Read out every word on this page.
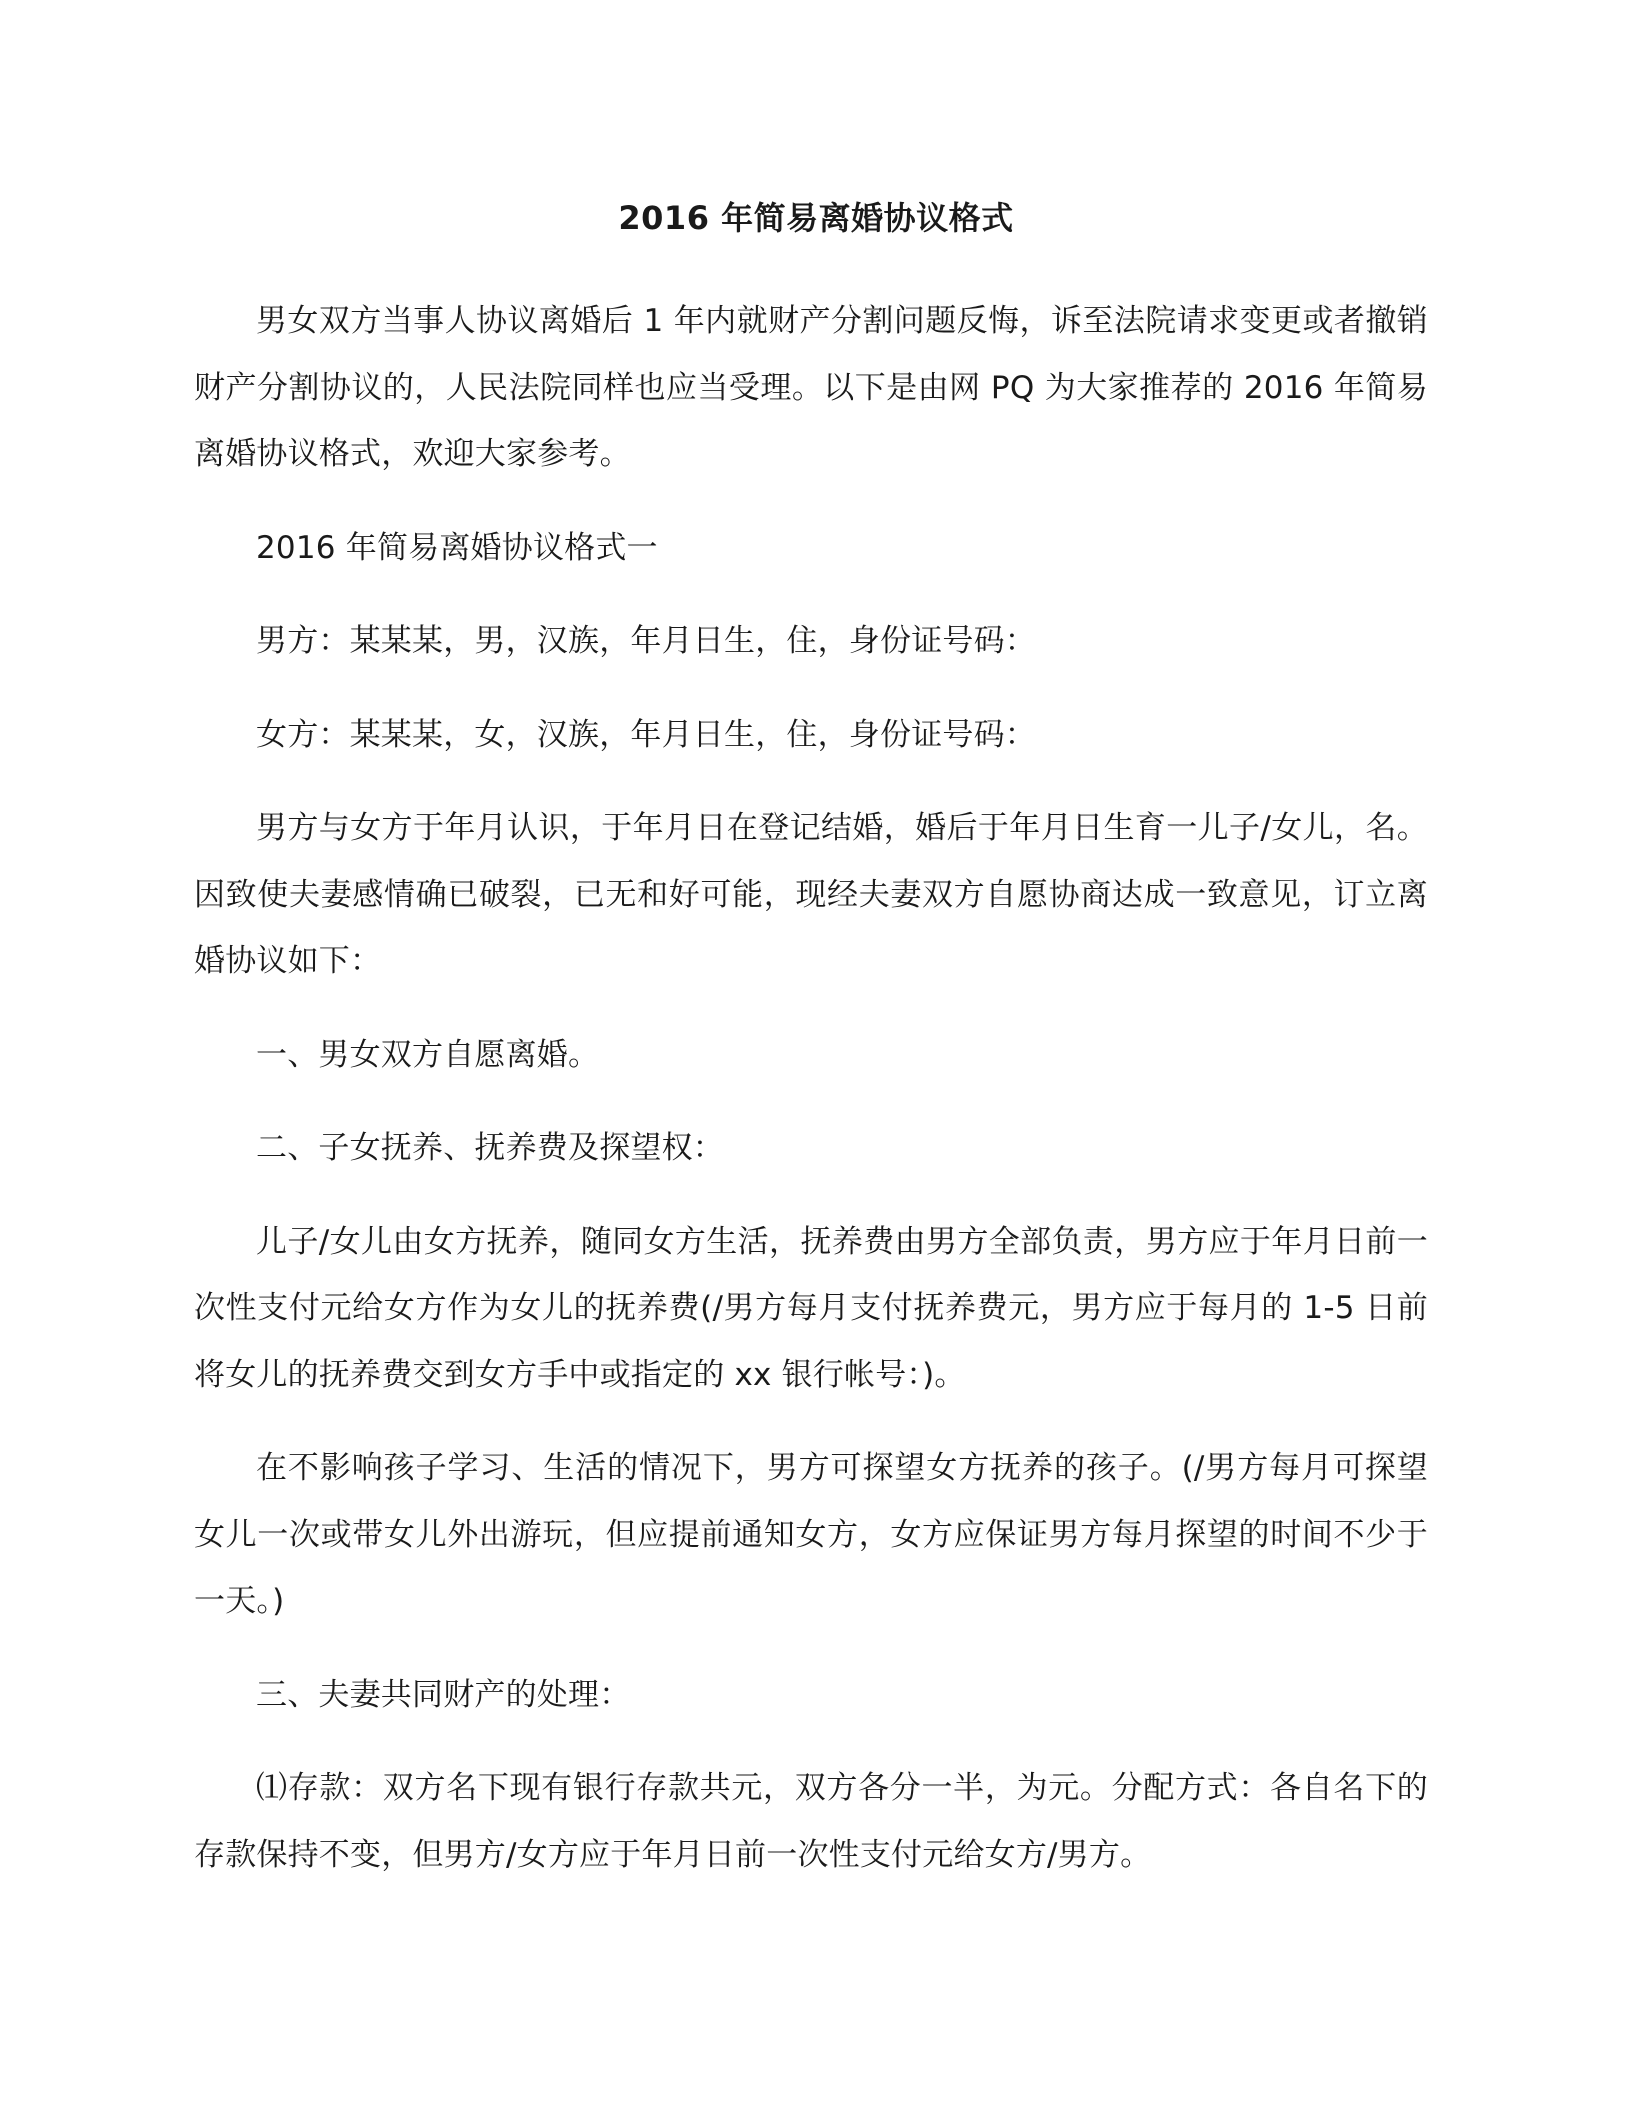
2016 年简易离婚协议格式

男女双方当事人协议离婚后 1 年内就财产分割问题反悔，诉至法院请求变更或者撤销财产分割协议的，人民法院同样也应当受理。以下是由网 PQ 为大家推荐的 2016 年简易离婚协议格式，欢迎大家参考。

2016 年简易离婚协议格式一

男方：某某某，男，汉族，年月日生，住，身份证号码：

女方：某某某，女，汉族，年月日生，住，身份证号码：

男方与女方于年月认识，于年月日在登记结婚，婚后于年月日生育一儿子/女儿，名。因致使夫妻感情确已破裂，已无和好可能，现经夫妻双方自愿协商达成一致意见，订立离婚协议如下：

一、男女双方自愿离婚。

二、子女抚养、抚养费及探望权：

儿子/女儿由女方抚养，随同女方生活，抚养费由男方全部负责，男方应于年月日前一次性支付元给女方作为女儿的抚养费(/男方每月支付抚养费元，男方应于每月的 1-5 日前将女儿的抚养费交到女方手中或指定的 xx 银行帐号：)。

在不影响孩子学习、生活的情况下，男方可探望女方抚养的孩子。(/男方每月可探望女儿一次或带女儿外出游玩，但应提前通知女方，女方应保证男方每月探望的时间不少于一天。)

三、夫妻共同财产的处理：

⑴存款：双方名下现有银行存款共元，双方各分一半，为元。分配方式：各自名下的存款保持不变，但男方/女方应于年月日前一次性支付元给女方/男方。
